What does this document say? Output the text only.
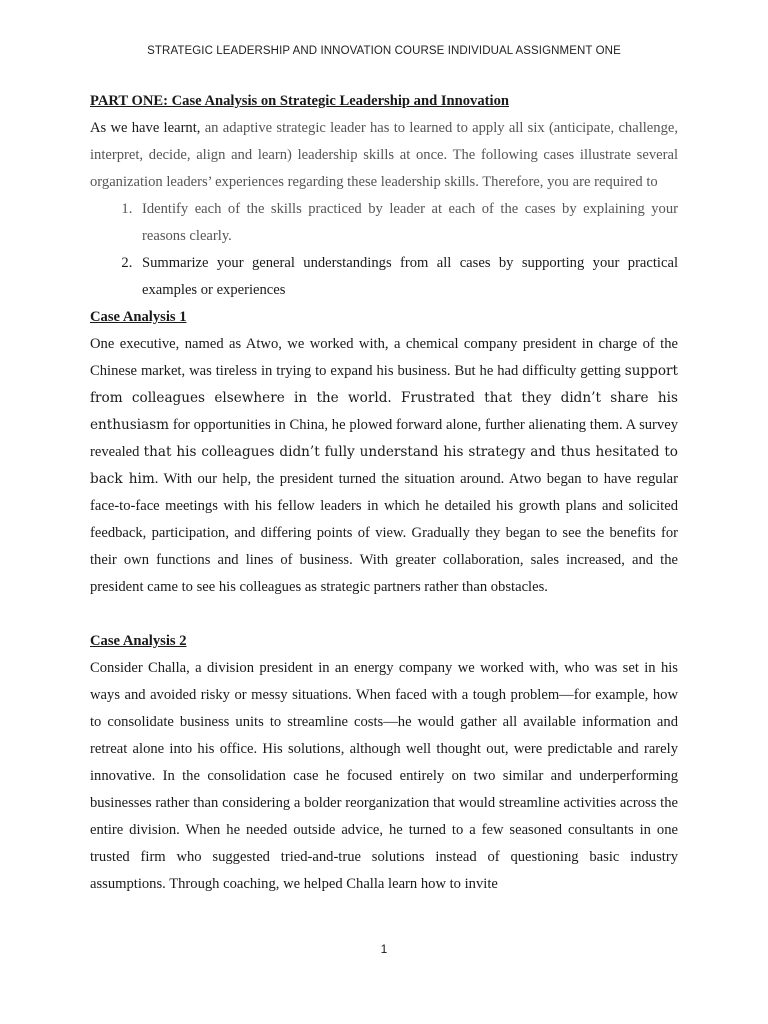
STRATEGIC LEADERSHIP AND INNOVATION COURSE INDIVIDUAL ASSIGNMENT ONE

PART ONE: Case Analysis on Strategic Leadership and Innovation

As we have learnt, an adaptive strategic leader has to learned to apply all six (anticipate, challenge, interpret, decide, align and learn) leadership skills at once. The following cases illustrate several organization leaders’ experiences regarding these leadership skills. Therefore, you are required to

1. Identify each of the skills practiced by leader at each of the cases by explaining your reasons clearly.
2. Summarize your general understandings from all cases by supporting your practical examples or experiences

Case Analysis 1

One executive, named as Atwo, we worked with, a chemical company president in charge of the Chinese market, was tireless in trying to expand his business. But he had difficulty getting support from colleagues elsewhere in the world. Frustrated that they didn’t share his enthusiasm for opportunities in China, he plowed forward alone, further alienating them. A survey revealed that his colleagues didn’t fully understand his strategy and thus hesitated to back him. With our help, the president turned the situation around. Atwo began to have regular face-to-face meetings with his fellow leaders in which he detailed his growth plans and solicited feedback, participation, and differing points of view. Gradually they began to see the benefits for their own functions and lines of business. With greater collaboration, sales increased, and the president came to see his colleagues as strategic partners rather than obstacles.

Case Analysis 2

Consider Challa, a division president in an energy company we worked with, who was set in his ways and avoided risky or messy situations. When faced with a tough problem—for example, how to consolidate business units to streamline costs—he would gather all available information and retreat alone into his office. His solutions, although well thought out, were predictable and rarely innovative. In the consolidation case he focused entirely on two similar and underperforming businesses rather than considering a bolder reorganization that would streamline activities across the entire division. When he needed outside advice, he turned to a few seasoned consultants in one trusted firm who suggested tried-and-true solutions instead of questioning basic industry assumptions. Through coaching, we helped Challa learn how to invite

1
